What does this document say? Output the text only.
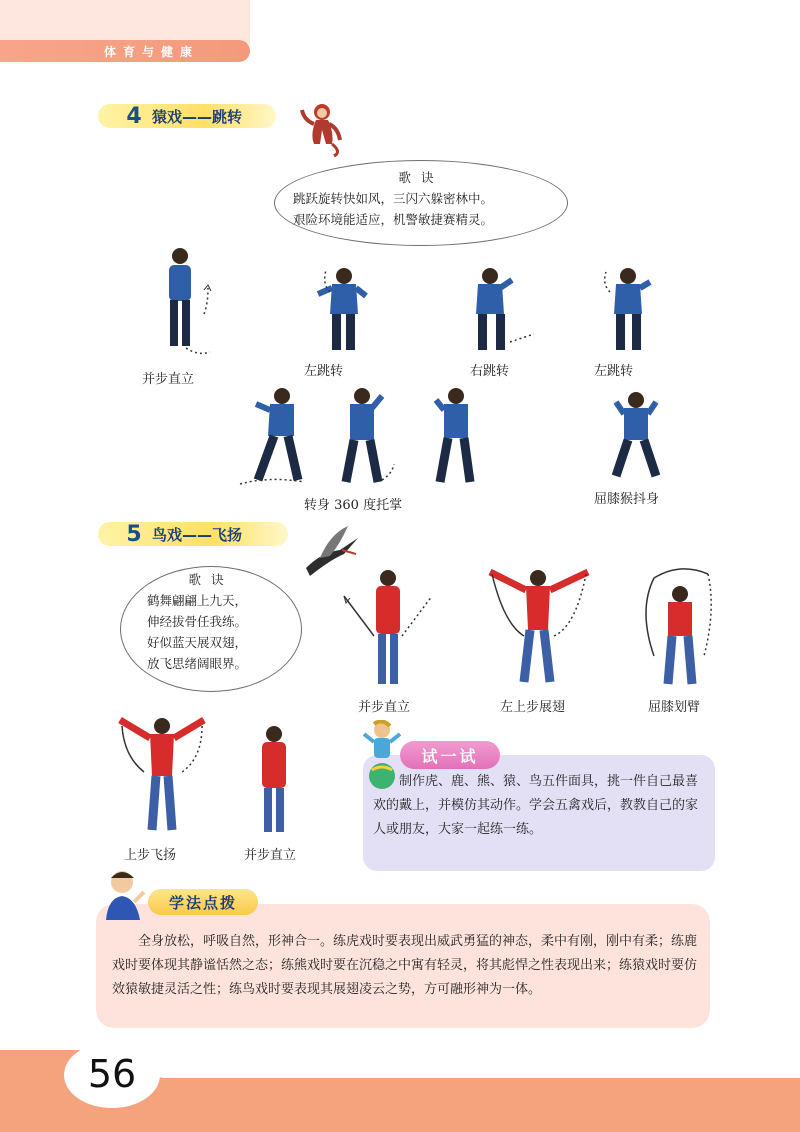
体育与健康
4 猿戏——跳转
歌诀
跳跃旋转快如风，三闪六躲密林中。
艰险环境能适应，机警敏捷赛精灵。
并步直立
左跳转	右跳转	左跳转
转身 360 度托掌	屈膝猴抖身
5 鸟戏——飞扬
歌诀
鹤舞翩翩上九天，
伸经拔骨任我练。
好似蓝天展双翅，
放飞思绪阔眼界。
并步直立	左上步展翅	屈膝划臂
上步飞扬	并步直立
试一试
制作虎、鹿、熊、猿、鸟五件面具，挑一件自己最喜欢的戴上，并模仿其动作。学会五禽戏后，教教自己的家人或朋友，大家一起练一练。
学法点拨
全身放松，呼吸自然，形神合一。练虎戏时要表现出威武勇猛的神态，柔中有刚，刚中有柔；练鹿戏时要体现其静谧恬然之态；练熊戏时要在沉稳之中寓有轻灵，将其彪悍之性表现出来；练猿戏时要仿效猿敏捷灵活之性；练鸟戏时要表现其展翅凌云之势，方可融形神为一体。
56
